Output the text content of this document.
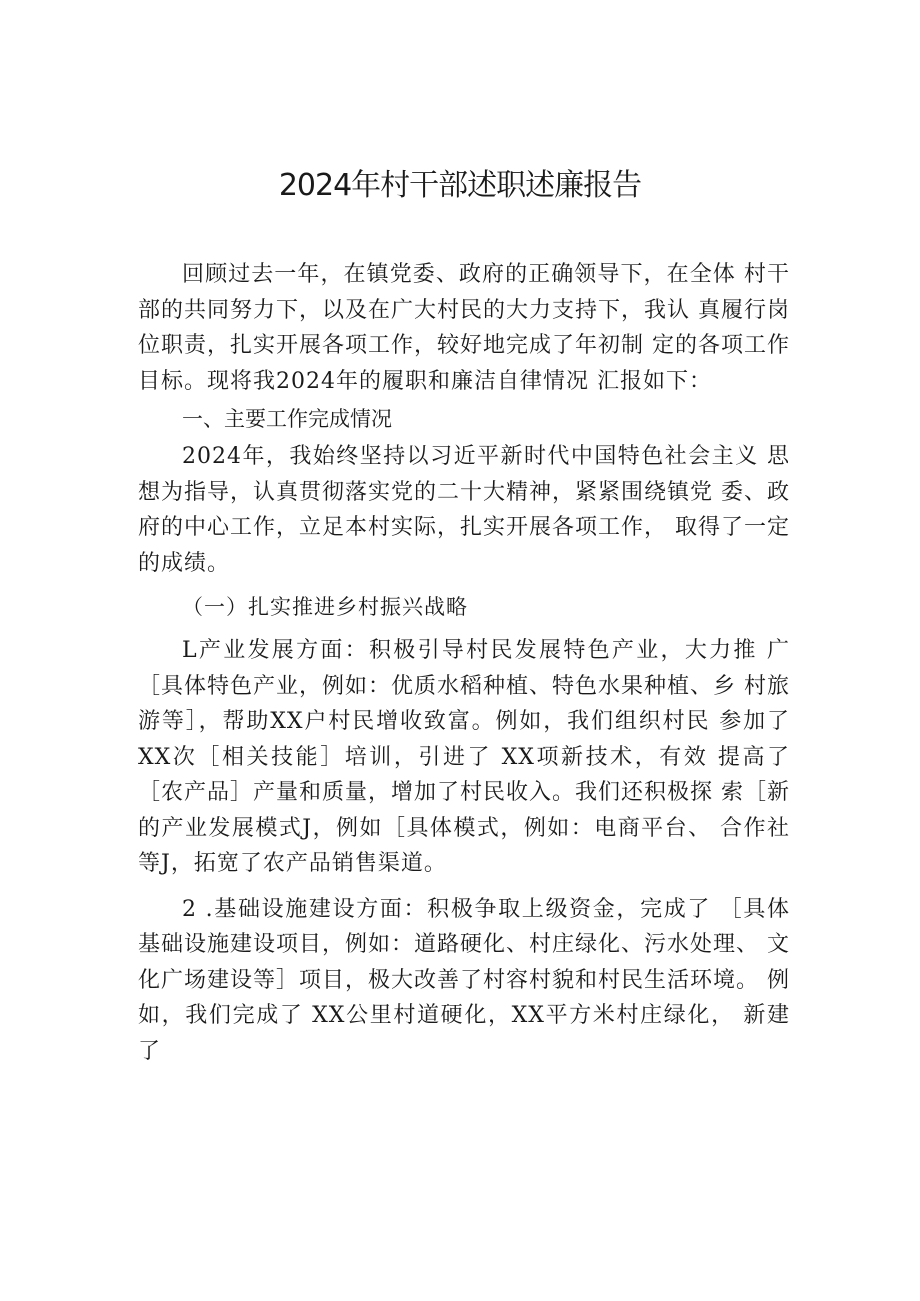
2024年村干部述职述廉报告

回顾过去一年，在镇党委、政府的正确领导下，在全体 村干部的共同努力下，以及在广大村民的大力支持下，我认 真履行岗位职责，扎实开展各项工作，较好地完成了年初制 定的各项工作目标。现将我2024年的履职和廉洁自律情况 汇报如下：

一、主要工作完成情况

2024年，我始终坚持以习近平新时代中国特色社会主义 思想为指导，认真贯彻落实党的二十大精神，紧紧围绕镇党 委、政府的中心工作，立足本村实际，扎实开展各项工作， 取得了一定的成绩。

（一）扎实推进乡村振兴战略

L产业发展方面：积极引导村民发展特色产业，大力推 广［具体特色产业，例如：优质水稻种植、特色水果种植、乡 村旅游等］，帮助XX户村民增收致富。例如，我们组织村民 参加了 XX次［相关技能］培训，引进了 XX项新技术，有效 提高了 ［农产品］产量和质量，增加了村民收入。我们还积极探 索［新的产业发展模式J，例如［具体模式，例如：电商平台、 合作社等J，拓宽了农产品销售渠道。

2 .基础设施建设方面：积极争取上级资金，完成了 ［具体基础设施建设项目，例如：道路硬化、村庄绿化、污水处理、 文化广场建设等］项目，极大改善了村容村貌和村民生活环境。 例如，我们完成了 XX公里村道硬化，XX平方米村庄绿化， 新建了
